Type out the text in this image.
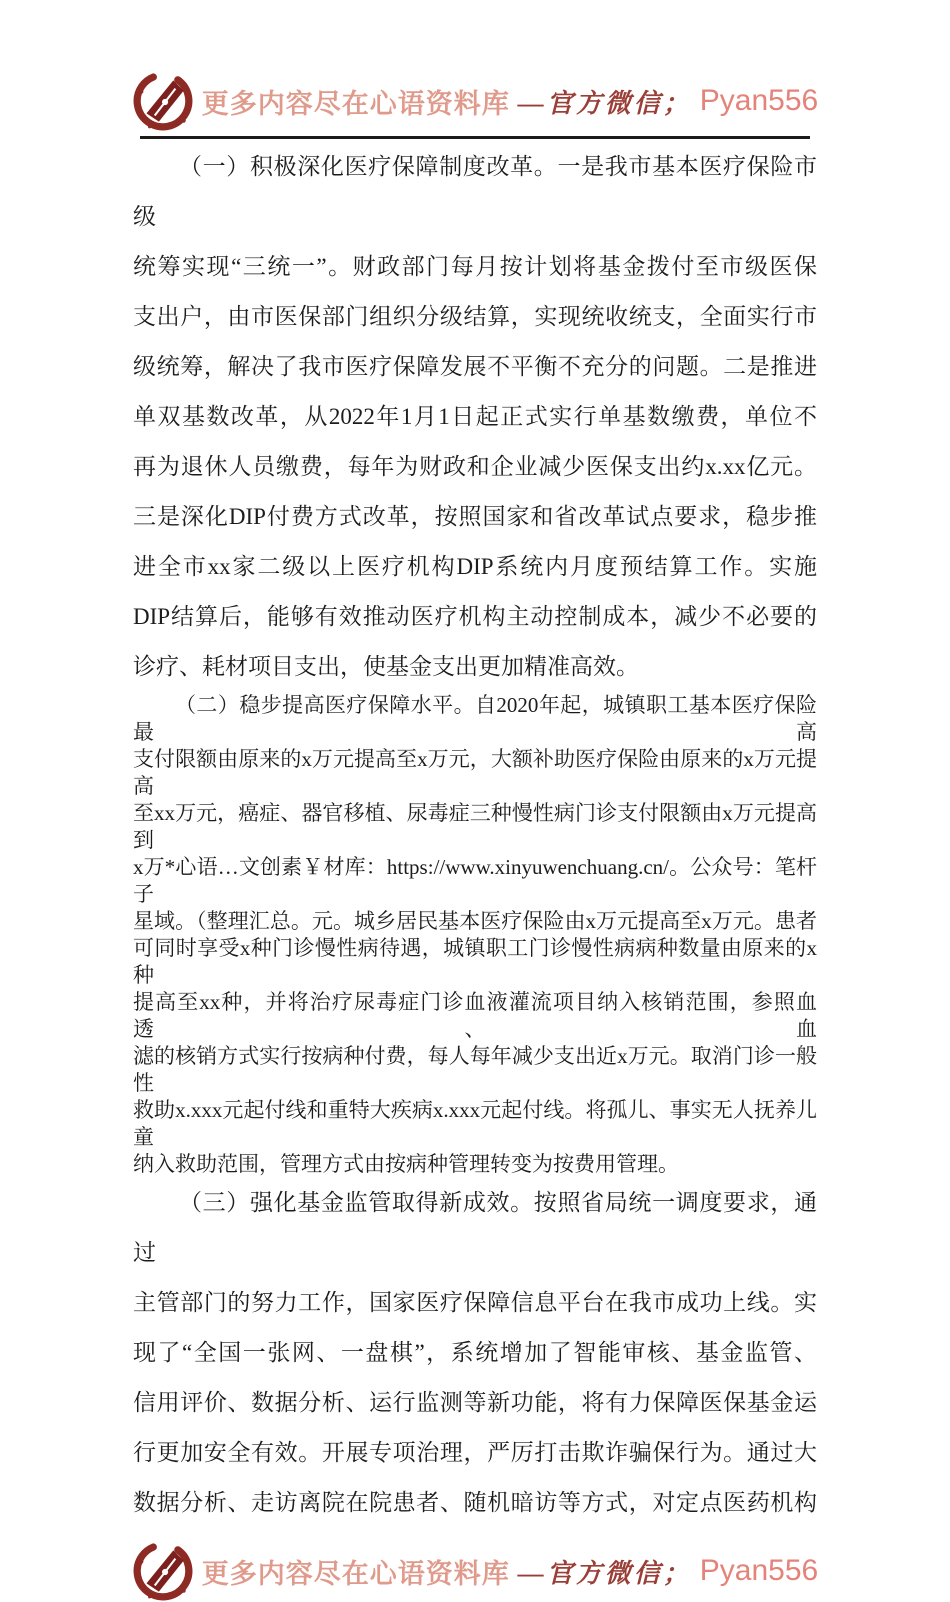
更多内容尽在心语资料库 —官方微信； Pyan556
（一）积极深化医疗保障制度改革。一是我市基本医疗保险市级
统筹实现“三统一”。财政部门每月按计划将基金拨付至市级医保
支出户，由市医保部门组织分级结算，实现统收统支，全面实行市
级统筹，解决了我市医疗保障发展不平衡不充分的问题。二是推进
单双基数改革，从2022年1月1日起正式实行单基数缴费，单位不
再为退休人员缴费，每年为财政和企业减少医保支出约x.xx亿元。
三是深化DIP付费方式改革，按照国家和省改革试点要求，稳步推
进全市xx家二级以上医疗机构DIP系统内月度预结算工作。实施
DIP结算后，能够有效推动医疗机构主动控制成本，减少不必要的
诊疗、耗材项目支出，使基金支出更加精准高效。
（二）稳步提高医疗保障水平。自2020年起，城镇职工基本医疗保险最高
支付限额由原来的x万元提高至x万元，大额补助医疗保险由原来的x万元提高
至xx万元，癌症、器官移植、尿毒症三种慢性病门诊支付限额由x万元提高到
x万*心语…文创素￥材库：https://www.xinyuwenchuang.cn/。公众号：笔杆子
星域。（整理汇总。元。城乡居民基本医疗保险由x万元提高至x万元。患者
可同时享受x种门诊慢性病待遇，城镇职工门诊慢性病病种数量由原来的x种
提高至xx种，并将治疗尿毒症门诊血液灌流项目纳入核销范围，参照血透、血
滤的核销方式实行按病种付费，每人每年减少支出近x万元。取消门诊一般性
救助x.xxx元起付线和重特大疾病x.xxx元起付线。将孤儿、事实无人抚养儿童
纳入救助范围，管理方式由按病种管理转变为按费用管理。
（三）强化基金监管取得新成效。按照省局统一调度要求，通过
主管部门的努力工作，国家医疗保障信息平台在我市成功上线。实
现了“全国一张网、一盘棋”，系统增加了智能审核、基金监管、
信用评价、数据分析、运行监测等新功能，将有力保障医保基金运
行更加安全有效。开展专项治理，严厉打击欺诈骗保行为。通过大
数据分析、走访离院在院患者、随机暗访等方式，对定点医药机构
更多内容尽在心语资料库 —官方微信； Pyan556
